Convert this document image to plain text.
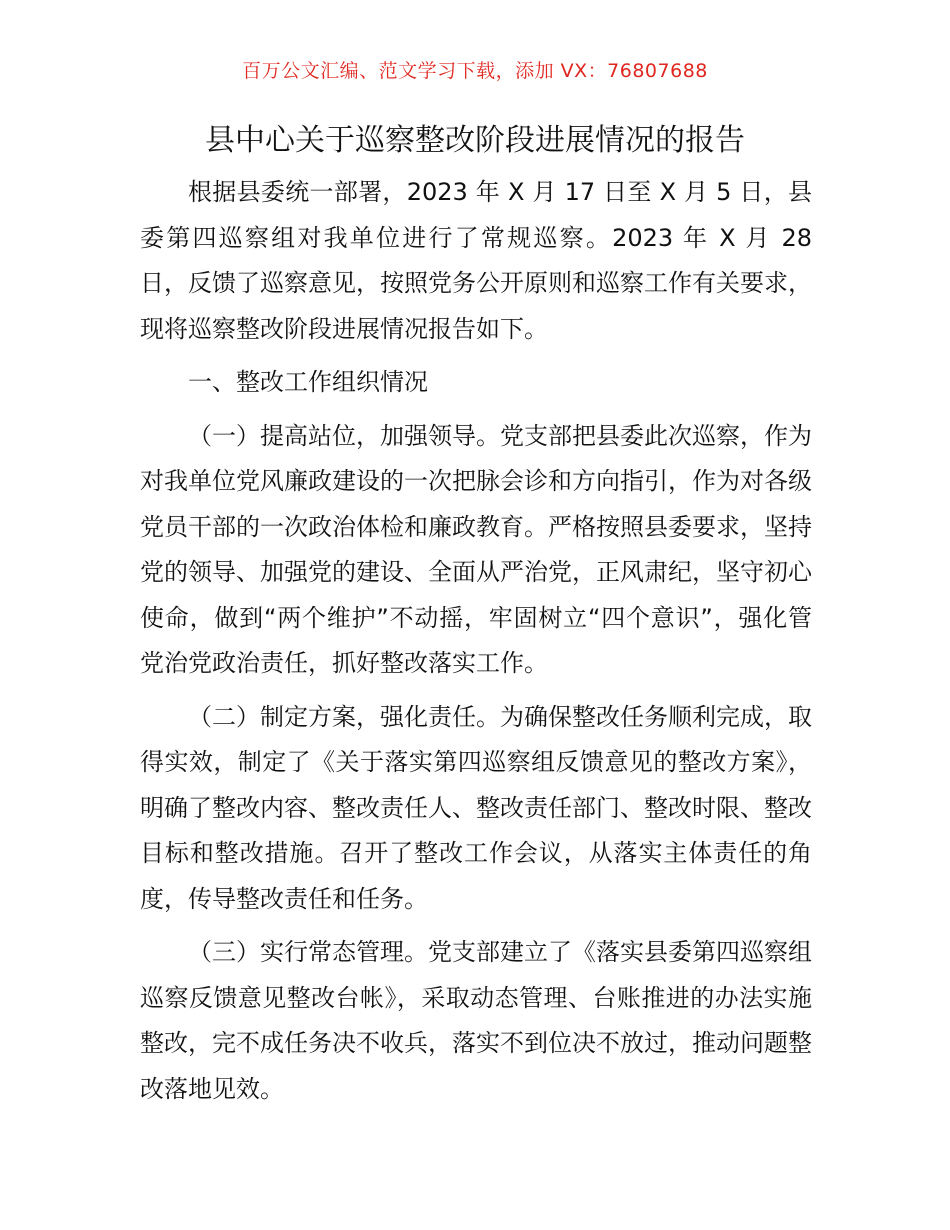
百万公文汇编、范文学习下载，添加 VX：76807688
县中心关于巡察整改阶段进展情况的报告

根据县委统一部署，2023 年 X 月 17 日至 X 月 5 日，县委第四巡察组对我单位进行了常规巡察。2023 年 X 月 28 日，反馈了巡察意见，按照党务公开原则和巡察工作有关要求，现将巡察整改阶段进展情况报告如下。

一、整改工作组织情况

（一）提高站位，加强领导。党支部把县委此次巡察，作为对我单位党风廉政建设的一次把脉会诊和方向指引，作为对各级党员干部的一次政治体检和廉政教育。严格按照县委要求，坚持党的领导、加强党的建设、全面从严治党，正风肃纪，坚守初心使命，做到“两个维护”不动摇，牢固树立“四个意识”，强化管党治党政治责任，抓好整改落实工作。

（二）制定方案，强化责任。为确保整改任务顺利完成，取得实效，制定了《关于落实第四巡察组反馈意见的整改方案》，明确了整改内容、整改责任人、整改责任部门、整改时限、整改目标和整改措施。召开了整改工作会议，从落实主体责任的角度，传导整改责任和任务。

（三）实行常态管理。党支部建立了《落实县委第四巡察组巡察反馈意见整改台帐》，采取动态管理、台账推进的办法实施整改，完不成任务决不收兵，落实不到位决不放过，推动问题整改落地见效。
